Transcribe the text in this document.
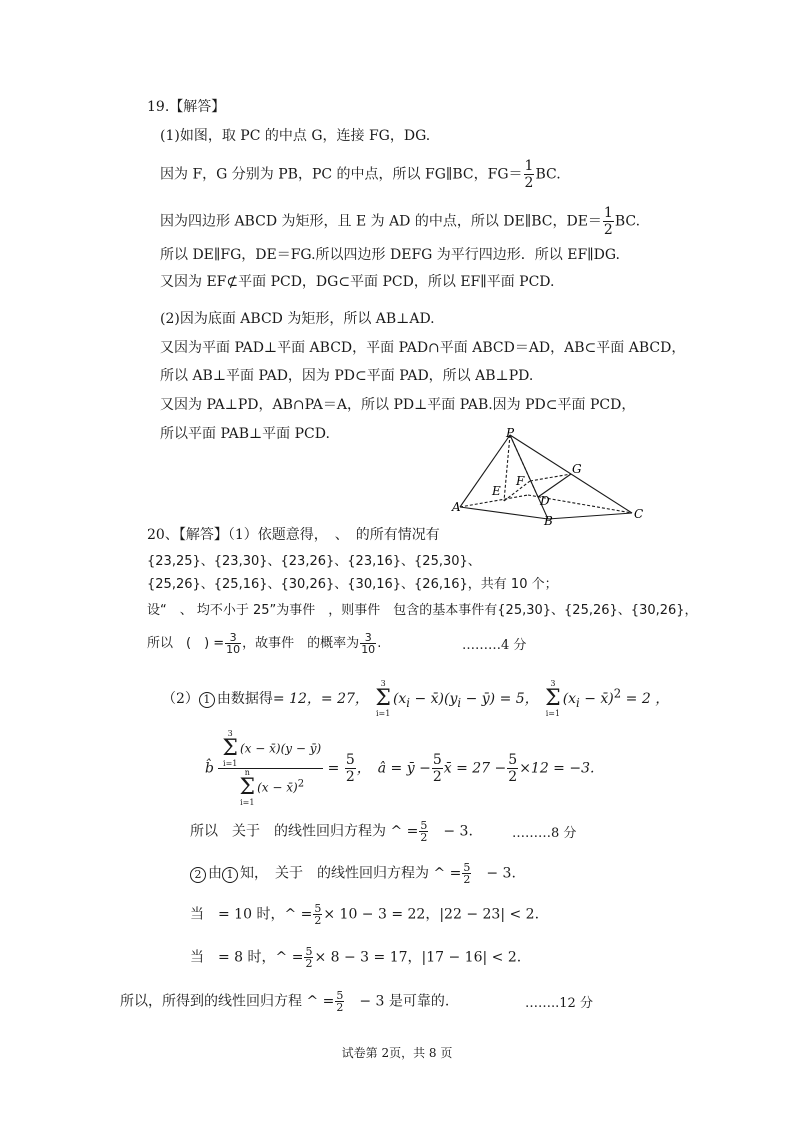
19.【解答】
(1)如图，取 PC 的中点 G，连接 FG，DG.
因为 F，G 分别为 PB，PC 的中点，所以 FG∥BC，$FG= \frac{1}{2}$ BC.
因为四边形 ABCD 为矩形，且 E 为 AD 的中点，所以 DE∥BC，$DE= \frac{1}{2}$ BC.
所以 DE∥FG，DE＝FG.所以四边形 DEFG 为平行四边形．所以 EF∥DG.
又因为 EF⊄平面 PCD，DG⊂平面 PCD，所以 EF∥平面 PCD.
(2)因为底面 ABCD 为矩形，所以 AB⊥AD.
又因为平面 PAD⊥平面 ABCD，平面 PAD∩平面 ABCD＝AD，AB⊂平面 ABCD，
所以 AB⊥平面 PAD，因为 PD⊂平面 PAD，所以 AB⊥PD.
又因为 PA⊥PD，AB∩PA＝A，所以 PD⊥平面 PAB.因为 PD⊂平面 PCD，
所以平面 PAB⊥平面 PCD.	P
G
F
E
D
A
B	C
20、【解答】（1）依题意得，　、　的所有情况有
{23,25}、{23,30}、{23,26}、{23,16}、{25,30}、
{25,26}、{25,16}、{30,26}、{30,16}、{26,16}，共有 10 个；
设“　、 均不小于 25”为事件　，则事件　包含的基本事件有{25,30}、{25,26}、{30,26}，
所以　(　) = $\frac{3}{10}$ ，故事件　的概率为 $\frac{3}{10}$ .	………4 分
（2） 1 由数据得= 12，= 27， 3
Σ
$i=1(x_i$ − $x̄)(y_i$ − ȳ) = 5， 3
Σ
$i=1(x_i$ − x̄)$^2$ = 2 ，
b̂
3
Σ
i=1(x − x̄)(y − ȳ)
n
Σ
i=1(x − x̄)$^2$
= $\frac{5}{2}$ ，　â = ȳ − $\frac{5}{2}$ x̄ = $27 - \frac{5}{2} \times 12 = -3$.
所以　关于　的线性回归方程为 ^ = $\frac{5}{2}$ 　− 3.	………8 分
2 由 1 知，　关于　的线性回归方程为 ^ = $\frac{5}{2}$ 　− 3.
当　= 10 时，^ = $\frac{5}{2} \times 10 - 3 = 22$，|22 − 23| < 2.
当　= 8 时，^ = $\frac{5}{2} \times 8 - 3 = 17$，|17 − 16| < 2.
所以，所得到的线性回归方程 ^ = $\frac{5}{2}$ 　− 3 是可靠的.	……..12 分
试卷第 2页，共 8 页
